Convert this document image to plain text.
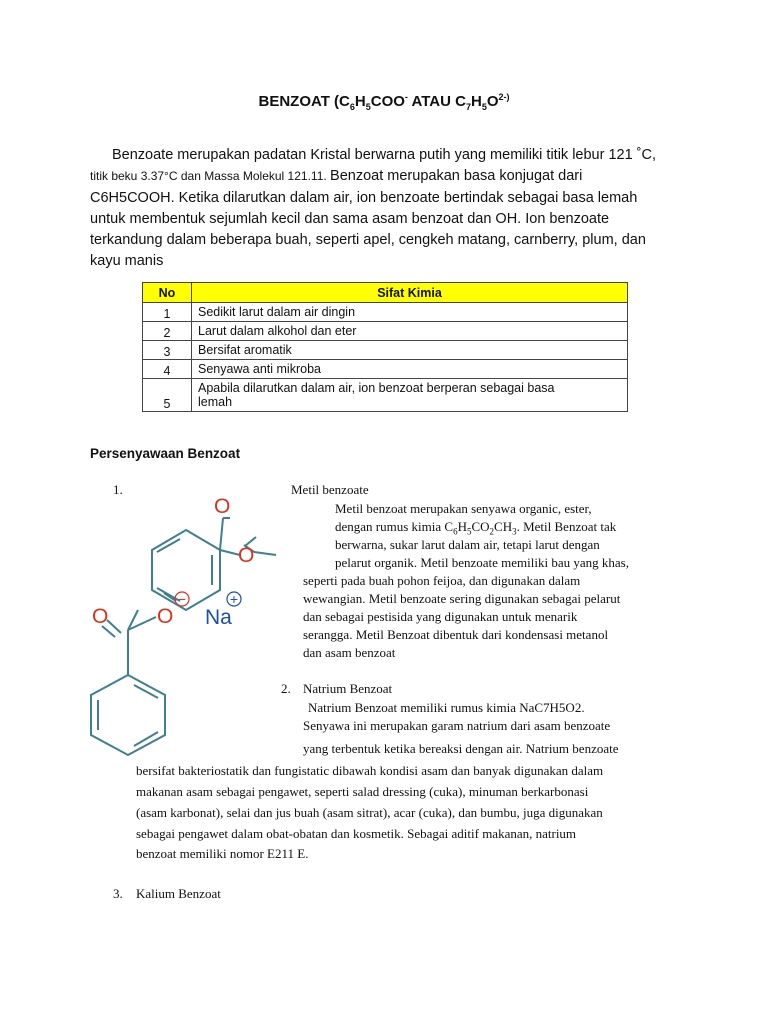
BENZOAT ($C_6H_5COO^-$ ATAU $C_7H_5O^{2-)}$
Benzoate merupakan padatan Kristal berwarna putih yang memiliki titik lebur 121 ˚C,
titik beku 3.37°C dan Massa Molekul 121.11. Benzoat merupakan basa konjugat dari
C6H5COOH. Ketika dilarutkan dalam air, ion benzoate bertindak sebagai basa lemah
untuk membentuk sejumlah kecil dan sama asam benzoat dan OH. Ion benzoate
terkandung dalam beberapa buah, seperti apel, cengkeh matang, carnberry, plum, dan
kayu manis
No	Sifat Kimia
1	Sedikit larut dalam air dingin
2	Larut dalam alkohol dan eter
3	Bersifat aromatik
4	Senyawa anti mikroba
5	Apabila dilarutkan dalam air, ion benzoat berperan sebagai basa
lemah
Persenyawaan Benzoat
O
O
O O Na
−	+
1.	Metil benzoate
Metil benzoat merupakan senyawa organic, ester,
dengan rumus kimia $C_6H_5CO_2CH_3$. Metil Benzoat tak
berwarna, sukar larut dalam air, tetapi larut dengan
pelarut organik. Metil benzoate memiliki bau yang khas,
seperti pada buah pohon feijoa, dan digunakan dalam
wewangian. Metil benzoate sering digunakan sebagai pelarut
dan sebagai pestisida yang digunakan untuk menarik
serangga. Metil Benzoat dibentuk dari kondensasi metanol
dan asam benzoat
2. Natrium Benzoat
Natrium Benzoat memiliki rumus kimia NaC7H5O2.
Senyawa ini merupakan garam natrium dari asam benzoate
yang terbentuk ketika bereaksi dengan air. Natrium benzoate
bersifat bakteriostatik dan fungistatic dibawah kondisi asam dan banyak digunakan dalam
makanan asam sebagai pengawet, seperti salad dressing (cuka), minuman berkarbonasi
(asam karbonat), selai dan jus buah (asam sitrat), acar (cuka), dan bumbu, juga digunakan
sebagai pengawet dalam obat-obatan dan kosmetik. Sebagai aditif makanan, natrium
benzoat memiliki nomor E211 E.
3. Kalium Benzoat
